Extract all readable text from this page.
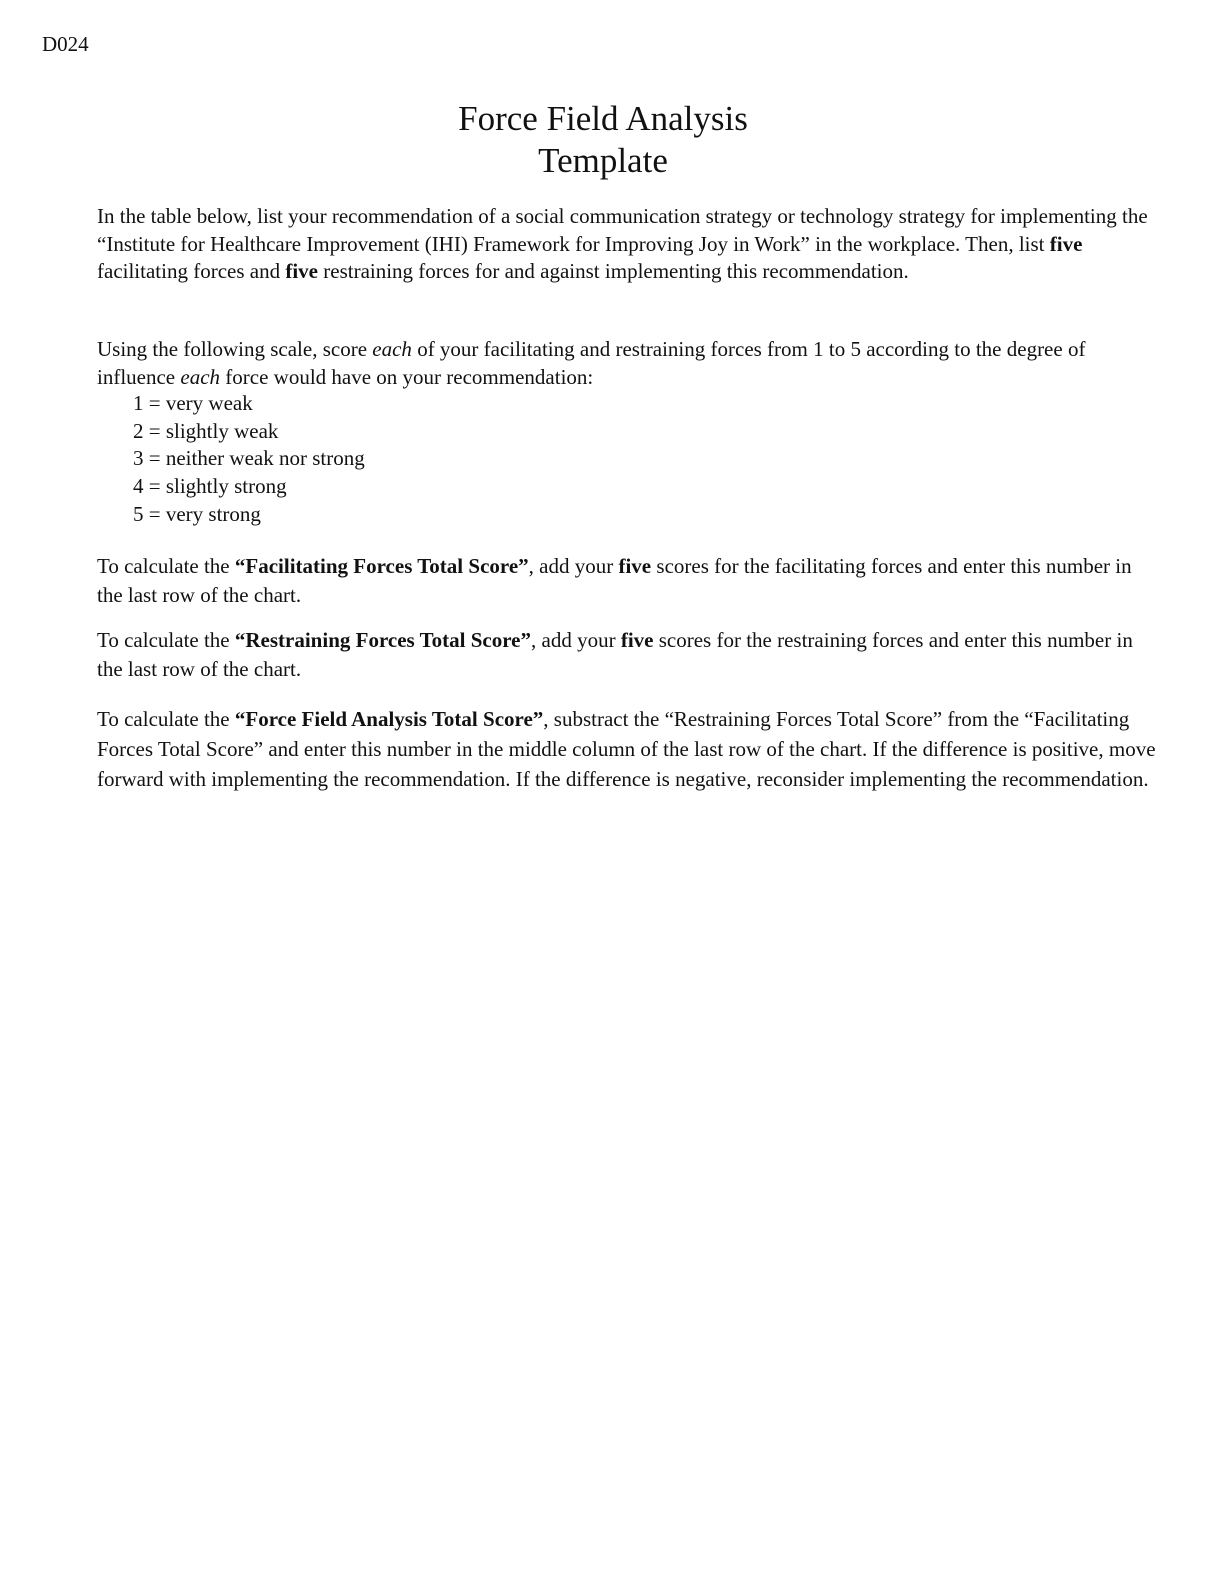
D024
Force Field Analysis
Template

In the table below, list your recommendation of a social communication strategy or technology strategy for implementing the “Institute for Healthcare Improvement (IHI) Framework for Improving Joy in Work” in the workplace. Then, list five facilitating forces and five restraining forces for and against implementing this recommendation.

Using the following scale, score each of your facilitating and restraining forces from 1 to 5 according to the degree of influence each force would have on your recommendation:

1 = very weak
2 = slightly weak
3 = neither weak nor strong
4 = slightly strong
5 = very strong

To calculate the “Facilitating Forces Total Score”, add your five scores for the facilitating forces and enter this number in the last row of the chart.

To calculate the “Restraining Forces Total Score”, add your five scores for the restraining forces and enter this number in the last row of the chart.

To calculate the “Force Field Analysis Total Score”, substract the “Restraining Forces Total Score” from the “Facilitating Forces Total Score” and enter this number in the middle column of the last row of the chart. If the difference is positive, move forward with implementing the recommendation. If the difference is negative, reconsider implementing the recommendation.
